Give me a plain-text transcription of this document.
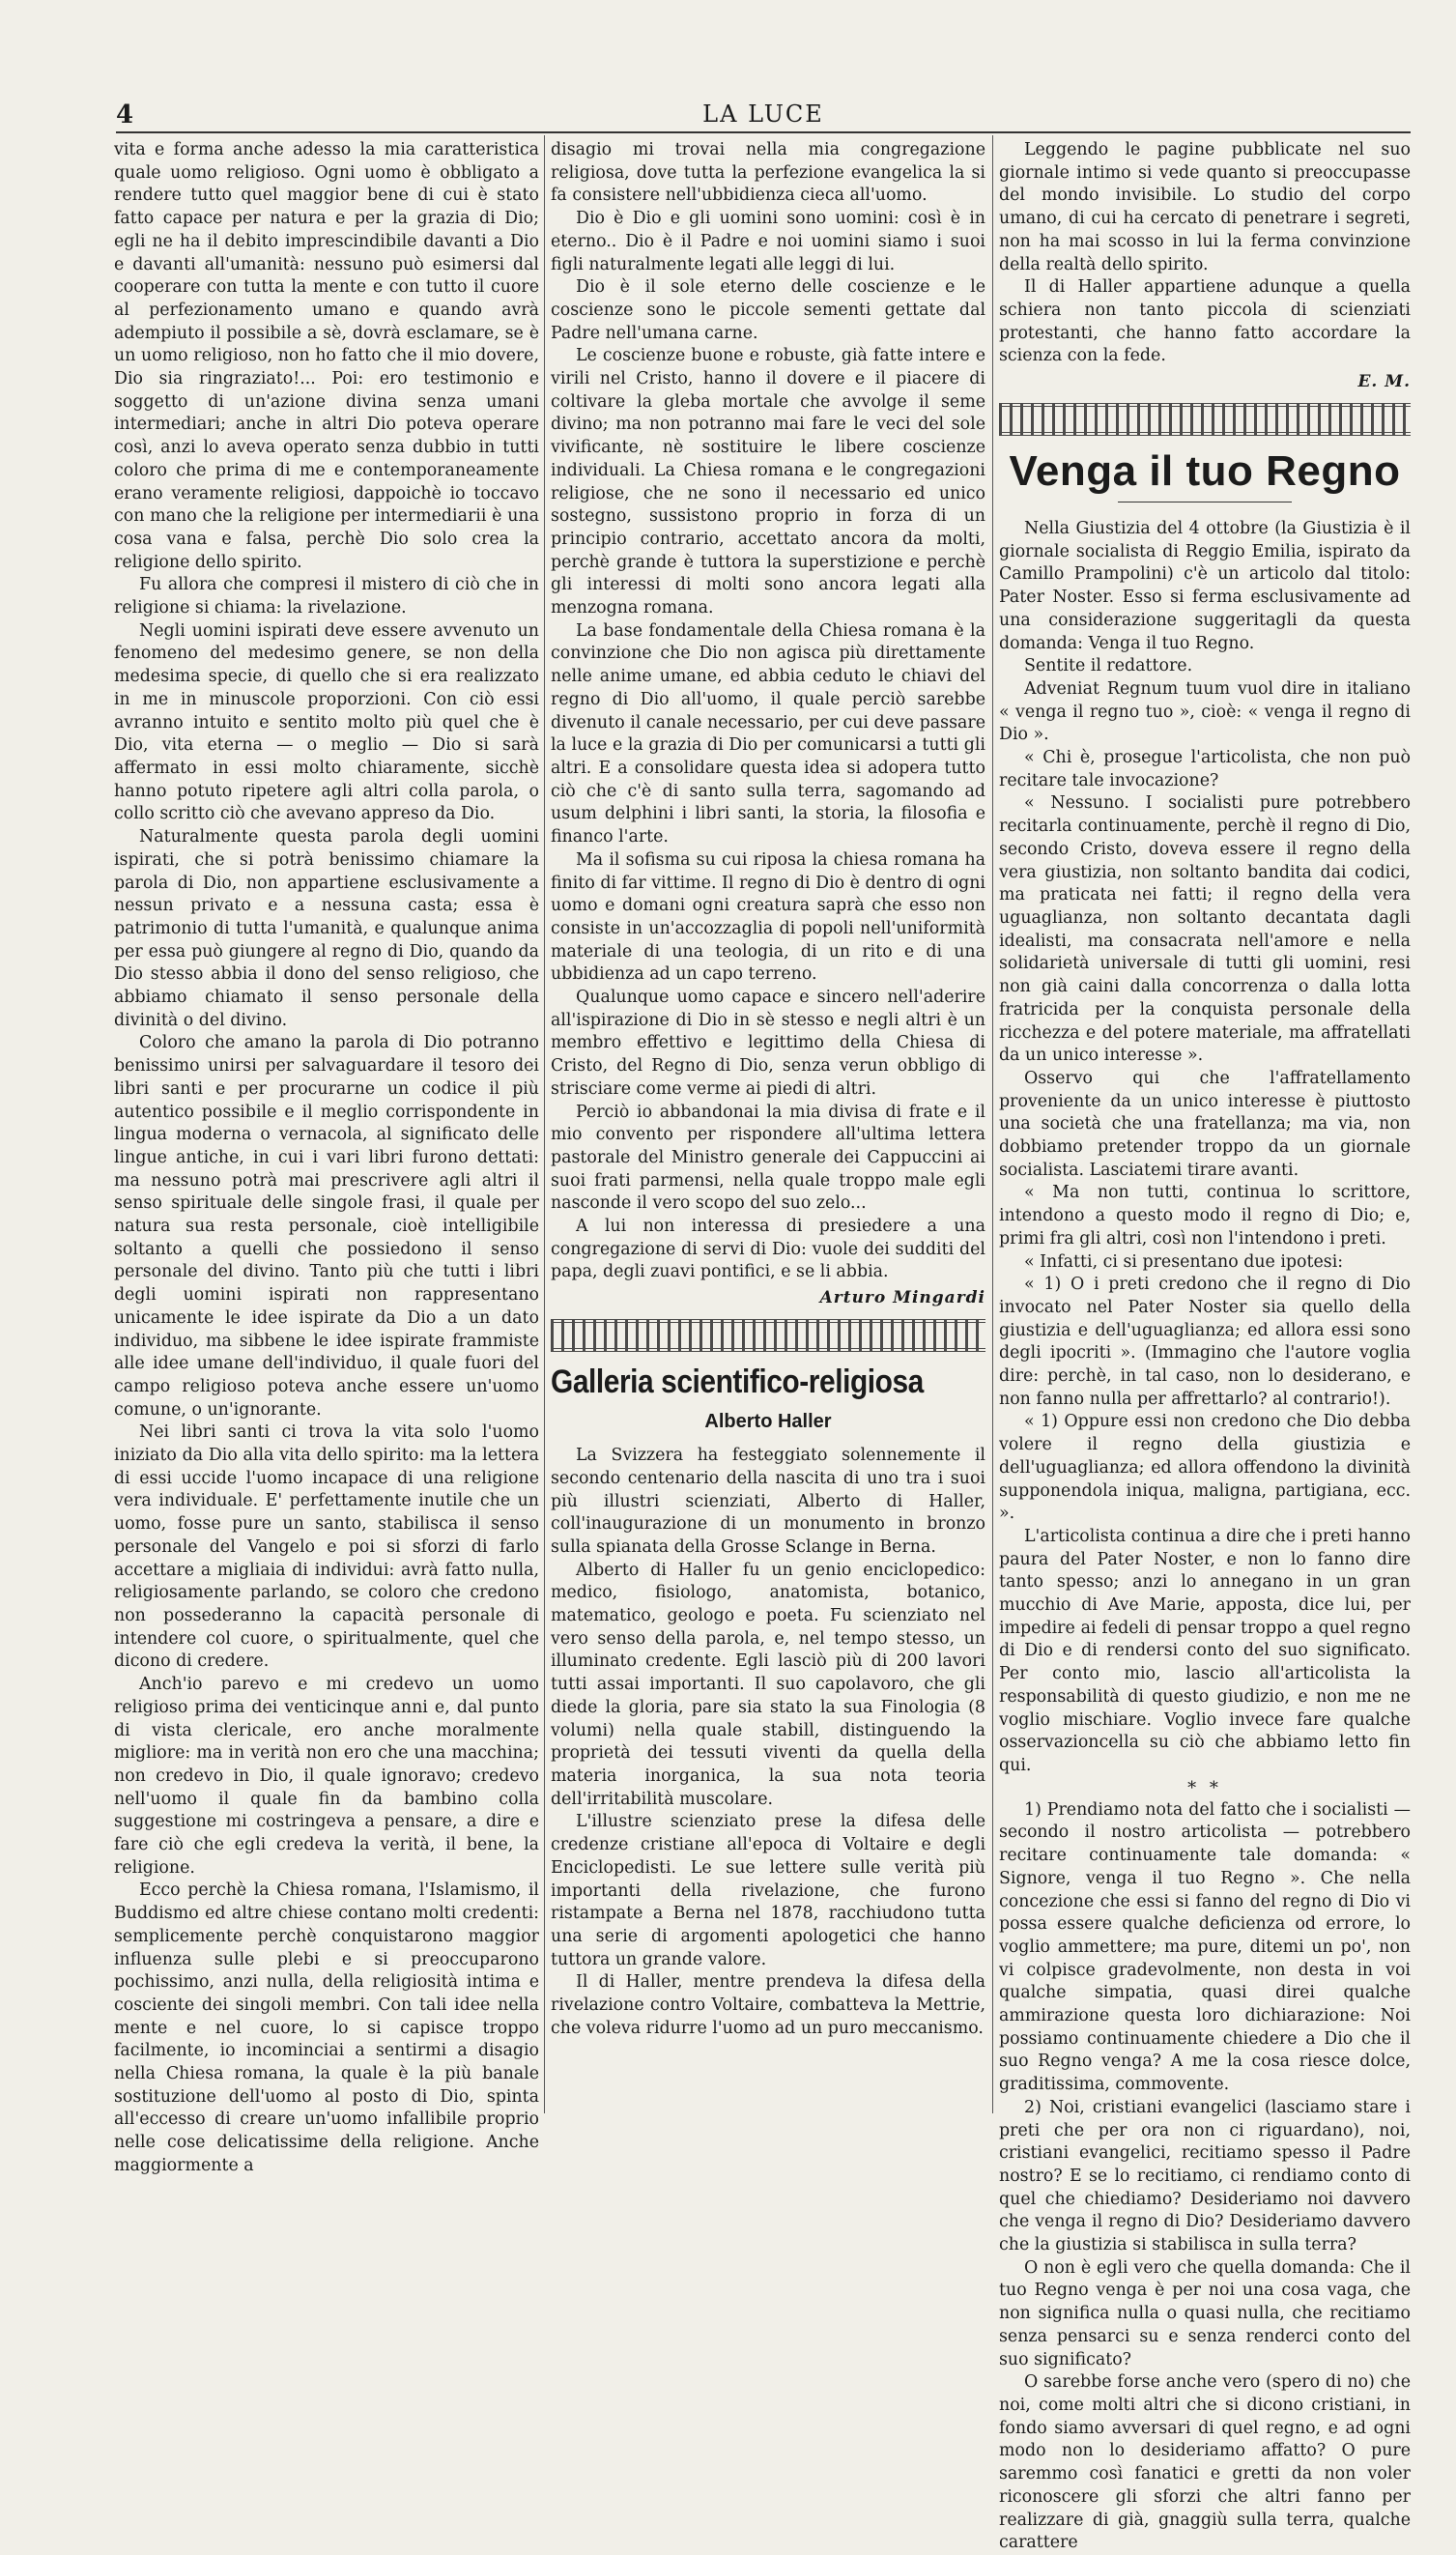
4	LA LUCE

vita e forma anche adesso la mia caratteristica quale uomo religioso. Ogni uomo è obbligato a rendere tutto quel maggior bene di cui è stato fatto capace per natura e per la grazia di Dio; egli ne ha il debito imprescindibile davanti a Dio e davanti all'umanità: nessuno può esimersi dal cooperare con tutta la mente e con tutto il cuore al perfezionamento umano e quando avrà adempiuto il possibile a sè, dovrà esclamare, se è un uomo religioso, non ho fatto che il mio dovere, Dio sia ringraziato!... Poi: ero testimonio e soggetto di un'azione divina senza umani intermediari; anche in altri Dio poteva operare così, anzi lo aveva operato senza dubbio in tutti coloro che prima di me e contemporaneamente erano veramente religiosi, dappoichè io toccavo con mano che la religione per intermediarii è una cosa vana e falsa, perchè Dio solo crea la religione dello spirito.

Fu allora che compresi il mistero di ciò che in religione si chiama: la rivelazione.

Negli uomini ispirati deve essere avvenuto un fenomeno del medesimo genere, se non della medesima specie, di quello che si era realizzato in me in minuscole proporzioni. Con ciò essi avranno intuito e sentito molto più quel che è Dio, vita eterna — o meglio — Dio si sarà affermato in essi molto chiaramente, sicchè hanno potuto ripetere agli altri colla parola, o collo scritto ciò che avevano appreso da Dio.

Naturalmente questa parola degli uomini ispirati, che si potrà benissimo chiamare la parola di Dio, non appartiene esclusivamente a nessun privato e a nessuna casta; essa è patrimonio di tutta l'umanità, e qualunque anima per essa può giungere al regno di Dio, quando da Dio stesso abbia il dono del senso religioso, che abbiamo chiamato il senso personale della divinità o del divino.

Coloro che amano la parola di Dio potranno benissimo unirsi per salvaguardare il tesoro dei libri santi e per procurarne un codice il più autentico possibile e il meglio corrispondente in lingua moderna o vernacola, al significato delle lingue antiche, in cui i vari libri furono dettati: ma nessuno potrà mai prescrivere agli altri il senso spirituale delle singole frasi, il quale per natura sua resta personale, cioè intelligibile soltanto a quelli che possiedono il senso personale del divino. Tanto più che tutti i libri degli uomini ispirati non rappresentano unicamente le idee ispirate da Dio a un dato individuo, ma sibbene le idee ispirate frammiste alle idee umane dell'individuo, il quale fuori del campo religioso poteva anche essere un'uomo comune, o un'ignorante.

Nei libri santi ci trova la vita solo l'uomo iniziato da Dio alla vita dello spirito: ma la lettera di essi uccide l'uomo incapace di una religione vera individuale. E' perfettamente inutile che un uomo, fosse pure un santo, stabilisca il senso personale del Vangelo e poi si sforzi di farlo accettare a migliaia di individui: avrà fatto nulla, religiosamente parlando, se coloro che credono non possederanno la capacità personale di intendere col cuore, o spiritualmente, quel che dicono di credere.

Anch'io parevo e mi credevo un uomo religioso prima dei venticinque anni e, dal punto di vista clericale, ero anche moralmente migliore: ma in verità non ero che una macchina; non credevo in Dio, il quale ignoravo; credevo nell'uomo il quale fin da bambino colla suggestione mi costringeva a pensare, a dire e fare ciò che egli credeva la verità, il bene, la religione.

Ecco perchè la Chiesa romana, l'Islamismo, il Buddismo ed altre chiese contano molti credenti: semplicemente perchè conquistarono maggior influenza sulle plebi e si preoccuparono pochissimo, anzi nulla, della religiosità intima e cosciente dei singoli membri. Con tali idee nella mente e nel cuore, lo si capisce troppo facilmente, io incominciai a sentirmi a disagio nella Chiesa romana, la quale è la più banale sostituzione dell'uomo al posto di Dio, spinta all'eccesso di creare un'uomo infallibile proprio nelle cose delicatissime della religione. Anche maggiormente a

disagio mi trovai nella mia congregazione religiosa, dove tutta la perfezione evangelica la si fa consistere nell'ubbidienza cieca all'uomo.

Dio è Dio e gli uomini sono uomini: così è in eterno.. Dio è il Padre e noi uomini siamo i suoi figli naturalmente legati alle leggi di lui.

Dio è il sole eterno delle coscienze e le coscienze sono le piccole sementi gettate dal Padre nell'umana carne.

Le coscienze buone e robuste, già fatte intere e virili nel Cristo, hanno il dovere e il piacere di coltivare la gleba mortale che avvolge il seme divino; ma non potranno mai fare le veci del sole vivificante, nè sostituire le libere coscienze individuali. La Chiesa romana e le congregazioni religiose, che ne sono il necessario ed unico sostegno, sussistono proprio in forza di un principio contrario, accettato ancora da molti, perchè grande è tuttora la superstizione e perchè gli interessi di molti sono ancora legati alla menzogna romana.

La base fondamentale della Chiesa romana è la convinzione che Dio non agisca più direttamente nelle anime umane, ed abbia ceduto le chiavi del regno di Dio all'uomo, il quale perciò sarebbe divenuto il canale necessario, per cui deve passare la luce e la grazia di Dio per comunicarsi a tutti gli altri. E a consolidare questa idea si adopera tutto ciò che c'è di santo sulla terra, sagomando ad usum delphini i libri santi, la storia, la filosofia e financo l'arte.

Ma il sofisma su cui riposa la chiesa romana ha finito di far vittime. Il regno di Dio è dentro di ogni uomo e domani ogni creatura saprà che esso non consiste in un'accozzaglia di popoli nell'uniformità materiale di una teologia, di un rito e di una ubbidienza ad un capo terreno.

Qualunque uomo capace e sincero nell'aderire all'ispirazione di Dio in sè stesso e negli altri è un membro effettivo e legittimo della Chiesa di Cristo, del Regno di Dio, senza verun obbligo di strisciare come verme ai piedi di altri.

Perciò io abbandonai la mia divisa di frate e il mio convento per rispondere all'ultima lettera pastorale del Ministro generale dei Cappuccini ai suoi frati parmensi, nella quale troppo male egli nasconde il vero scopo del suo zelo...

A lui non interessa di presiedere a una congregazione di servi di Dio: vuole dei sudditi del papa, degli zuavi pontifici, e se li abbia.

Arturo Mingardi
Galleria scientifico-religiosa
Alberto Haller

La Svizzera ha festeggiato solennemente il secondo centenario della nascita di uno tra i suoi più illustri scienziati, Alberto di Haller, coll'inaugurazione di un monumento in bronzo sulla spianata della Grosse Sclange in Berna.

Alberto di Haller fu un genio enciclopedico: medico, fisiologo, anatomista, botanico, matematico, geologo e poeta. Fu scienziato nel vero senso della parola, e, nel tempo stesso, un illuminato credente. Egli lasciò più di 200 lavori tutti assai importanti. Il suo capolavoro, che gli diede la gloria, pare sia stato la sua Finologia (8 volumi) nella quale stabill, distinguendo la proprietà dei tessuti viventi da quella della materia inorganica, la sua nota teoria dell'irritabilità muscolare.

L'illustre scienziato prese la difesa delle credenze cristiane all'epoca di Voltaire e degli Enciclopedisti. Le sue lettere sulle verità più importanti della rivelazione, che furono ristampate a Berna nel 1878, racchiudono tutta una serie di argomenti apologetici che hanno tuttora un grande valore.

Il di Haller, mentre prendeva la difesa della rivelazione contro Voltaire, combatteva la Mettrie, che voleva ridurre l'uomo ad un puro meccanismo.

Leggendo le pagine pubblicate nel suo giornale intimo si vede quanto si preoccupasse del mondo invisibile. Lo studio del corpo umano, di cui ha cercato di penetrare i segreti, non ha mai scosso in lui la ferma convinzione della realtà dello spirito.

Il di Haller appartiene adunque a quella schiera non tanto piccola di scienziati protestanti, che hanno fatto accordare la scienza con la fede.

E. M.
Venga il tuo Regno

Nella Giustizia del 4 ottobre (la Giustizia è il giornale socialista di Reggio Emilia, ispirato da Camillo Prampolini) c'è un articolo dal titolo: Pater Noster. Esso si ferma esclusivamente ad una considerazione suggeritagli da questa domanda: Venga il tuo Regno.

Sentite il redattore.

Adveniat Regnum tuum vuol dire in italiano « venga il regno tuo », cioè: « venga il regno di Dio ».

« Chi è, prosegue l'articolista, che non può recitare tale invocazione?

« Nessuno. I socialisti pure potrebbero recitarla continuamente, perchè il regno di Dio, secondo Cristo, doveva essere il regno della vera giustizia, non soltanto bandita dai codici, ma praticata nei fatti; il regno della vera uguaglianza, non soltanto decantata dagli idealisti, ma consacrata nell'amore e nella solidarietà universale di tutti gli uomini, resi non già caini dalla concorrenza o dalla lotta fratricida per la conquista personale della ricchezza e del potere materiale, ma affratellati da un unico interesse ».

Osservo qui che l'affratellamento proveniente da un unico interesse è piuttosto una società che una fratellanza; ma via, non dobbiamo pretender troppo da un giornale socialista. Lasciatemi tirare avanti.

« Ma non tutti, continua lo scrittore, intendono a questo modo il regno di Dio; e, primi fra gli altri, così non l'intendono i preti.

« Infatti, ci si presentano due ipotesi:

« 1) O i preti credono che il regno di Dio invocato nel Pater Noster sia quello della giustizia e dell'uguaglianza; ed allora essi sono degli ipocriti ». (Immagino che l'autore voglia dire: perchè, in tal caso, non lo desiderano, e non fanno nulla per affrettarlo? al contrario!).

« 1) Oppure essi non credono che Dio debba volere il regno della giustizia e dell'uguaglianza; ed allora offendono la divinità supponendola iniqua, maligna, partigiana, ecc. ».

L'articolista continua a dire che i preti hanno paura del Pater Noster, e non lo fanno dire tanto spesso; anzi lo annegano in un gran mucchio di Ave Marie, apposta, dice lui, per impedire ai fedeli di pensar troppo a quel regno di Dio e di rendersi conto del suo significato. Per conto mio, lascio all'articolista la responsabilità di questo giudizio, e non me ne voglio mischiare. Voglio invece fare qualche osservazioncella su ciò che abbiamo letto fin qui.

* *

1) Prendiamo nota del fatto che i socialisti — secondo il nostro articolista — potrebbero recitare continuamente tale domanda: « Signore, venga il tuo Regno ». Che nella concezione che essi si fanno del regno di Dio vi possa essere qualche deficienza od errore, lo voglio ammettere; ma pure, ditemi un po', non vi colpisce gradevolmente, non desta in voi qualche simpatia, quasi direi qualche ammirazione questa loro dichiarazione: Noi possiamo continuamente chiedere a Dio che il suo Regno venga? A me la cosa riesce dolce, graditissima, commovente.

2) Noi, cristiani evangelici (lasciamo stare i preti che per ora non ci riguardano), noi, cristiani evangelici, recitiamo spesso il Padre nostro? E se lo recitiamo, ci rendiamo conto di quel che chiediamo? Desideriamo noi davvero che venga il regno di Dio? Desideriamo davvero che la giustizia si stabilisca in sulla terra?

O non è egli vero che quella domanda: Che il tuo Regno venga è per noi una cosa vaga, che non significa nulla o quasi nulla, che recitiamo senza pensarci su e senza renderci conto del suo significato?

O sarebbe forse anche vero (spero di no) che noi, come molti altri che si dicono cristiani, in fondo siamo avversari di quel regno, e ad ogni modo non lo desideriamo affatto? O pure saremmo così fanatici e gretti da non voler riconoscere gli sforzi che altri fanno per realizzare di già, gnaggiù sulla terra, qualche carattere
